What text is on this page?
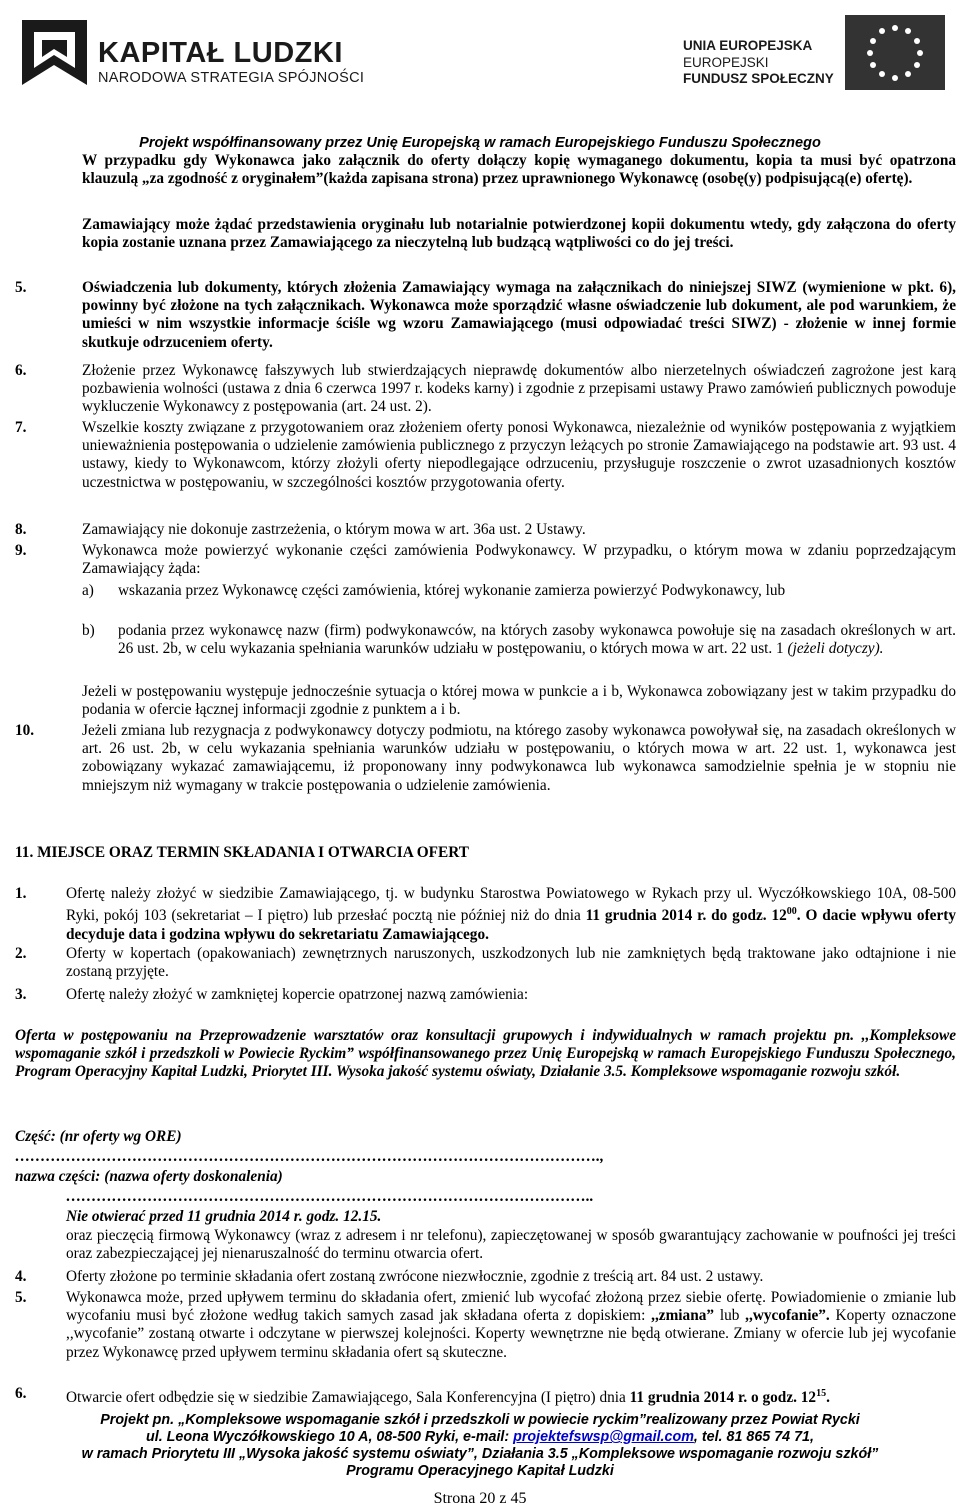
KAPITAŁ LUDZKI
NARODOWA STRATEGIA SPÓJNOŚCI
UNIA EUROPEJSKA
EUROPEJSKI
FUNDUSZ SPOŁECZNY
Projekt współfinansowany przez Unię Europejską w ramach Europejskiego Funduszu Społecznego
W przypadku gdy Wykonawca jako załącznik do oferty dołączy kopię wymaganego dokumentu, kopia ta musi być opatrzona klauzulą „za zgodność z oryginałem”(każda zapisana strona) przez uprawnionego Wykonawcę (osobę(y) podpisującą(e) ofertę).
Zamawiający może żądać przedstawienia oryginału lub notarialnie potwierdzonej kopii dokumentu wtedy, gdy załączona do oferty kopia zostanie uznana przez Zamawiającego za nieczytelną lub budzącą wątpliwości co do jej treści.
5.	Oświadczenia lub dokumenty, których złożenia Zamawiający wymaga na załącznikach do niniejszej SIWZ (wymienione w pkt. 6), powinny być złożone na tych załącznikach. Wykonawca może sporządzić własne oświadczenie lub dokument, ale pod warunkiem, że umieści w nim wszystkie informacje ściśle wg wzoru Zamawiającego (musi odpowiadać treści SIWZ) - złożenie w innej formie skutkuje odrzuceniem oferty.
6.	Złożenie przez Wykonawcę fałszywych lub stwierdzających nieprawdę dokumentów albo nierzetelnych oświadczeń zagrożone jest karą pozbawienia wolności (ustawa z dnia 6 czerwca 1997 r. kodeks karny) i zgodnie z przepisami ustawy Prawo zamówień publicznych powoduje wykluczenie Wykonawcy z postępowania (art. 24 ust. 2).
7.	Wszelkie koszty związane z przygotowaniem oraz złożeniem oferty ponosi Wykonawca, niezależnie od wyników postępowania z wyjątkiem unieważnienia postępowania o udzielenie zamówienia publicznego z przyczyn leżących po stronie Zamawiającego na podstawie art. 93 ust. 4 ustawy, kiedy to Wykonawcom, którzy złożyli oferty niepodlegające odrzuceniu, przysługuje roszczenie o zwrot uzasadnionych kosztów uczestnictwa w postępowaniu, w szczególności kosztów przygotowania oferty.
8.	Zamawiający nie dokonuje zastrzeżenia, o którym mowa w art. 36a ust. 2 Ustawy.
9.	Wykonawca może powierzyć wykonanie części zamówienia Podwykonawcy. W przypadku, o którym mowa w zdaniu poprzedzającym Zamawiający żąda:
a) wskazania przez Wykonawcę części zamówienia, której wykonanie zamierza powierzyć Podwykonawcy, lub
b) podania przez wykonawcę nazw (firm) podwykonawców, na których zasoby wykonawca powołuje się na zasadach określonych w art. 26 ust. 2b, w celu wykazania spełniania warunków udziału w postępowaniu, o których mowa w art. 22 ust. 1 (jeżeli dotyczy).
Jeżeli w postępowaniu występuje jednocześnie sytuacja o której mowa w punkcie a i b, Wykonawca zobowiązany jest w takim przypadku do podania w ofercie łącznej informacji zgodnie z punktem a i b.
10.	Jeżeli zmiana lub rezygnacja z podwykonawcy dotyczy podmiotu, na którego zasoby wykonawca powoływał się, na zasadach określonych w art. 26 ust. 2b, w celu wykazania spełniania warunków udziału w postępowaniu, o których mowa w art. 22 ust. 1, wykonawca jest zobowiązany wykazać zamawiającemu, iż proponowany inny podwykonawca lub wykonawca samodzielnie spełnia je w stopniu nie mniejszym niż wymagany w trakcie postępowania o udzielenie zamówienia.
11. MIEJSCE ORAZ TERMIN SKŁADANIA I OTWARCIA OFERT
1.	Ofertę należy złożyć w siedzibie Zamawiającego, tj. w budynku Starostwa Powiatowego w Rykach przy ul. Wyczółkowskiego 10A, 08-500 Ryki, pokój 103 (sekretariat – I piętro) lub przesłać pocztą nie później niż do dnia 11 grudnia 2014 r. do godz. $12^{00}$. O dacie wpływu oferty decyduje data i godzina wpływu do sekretariatu Zamawiającego.
2.	Oferty w kopertach (opakowaniach) zewnętrznych naruszonych, uszkodzonych lub nie zamkniętych będą traktowane jako odtajnione i nie zostaną przyjęte.
3.	Ofertę należy złożyć w zamkniętej kopercie opatrzonej nazwą zamówienia:
Oferta w postępowaniu na Przeprowadzenie warsztatów oraz konsultacji grupowych i indywidualnych w ramach projektu pn. ,,Kompleksowe wspomaganie szkół i przedszkoli w Powiecie Ryckim” współfinansowanego przez Unię Europejską w ramach Europejskiego Funduszu Społecznego, Program Operacyjny Kapitał Ludzki, Priorytet III. Wysoka jakość systemu oświaty, Działanie 3.5. Kompleksowe wspomaganie rozwoju szkół.
Część: (nr oferty wg ORE)
…………………………………………………………………………………………………….,
nazwa części: (nazwa oferty doskonalenia)
…………………………………………………………………………………………..
Nie otwierać przed 11 grudnia 2014 r. godz. 12.15.
oraz pieczęcią firmową Wykonawcy (wraz z adresem i nr telefonu), zapieczętowanej w sposób gwarantujący zachowanie w poufności jej treści oraz zabezpieczającej jej nienaruszalność do terminu otwarcia ofert.
4.	Oferty złożone po terminie składania ofert zostaną zwrócone niezwłocznie, zgodnie z treścią art. 84 ust. 2 ustawy.
5.	Wykonawca może, przed upływem terminu do składania ofert, zmienić lub wycofać złożoną przez siebie ofertę. Powiadomienie o zmianie lub wycofaniu musi być złożone według takich samych zasad jak składana oferta z dopiskiem: ,,zmiana” lub ,,wycofanie”. Koperty oznaczone ,,wycofanie” zostaną otwarte i odczytane w pierwszej kolejności. Koperty wewnętrzne nie będą otwierane. Zmiany w ofercie lub jej wycofanie przez Wykonawcę przed upływem terminu składania ofert są skuteczne.
6.	Otwarcie ofert odbędzie się w siedzibie Zamawiającego, Sala Konferencyjna (I piętro) dnia 11 grudnia 2014 r. o godz. $12^{15}$.
Projekt pn. „Kompleksowe wspomaganie szkół i przedszkoli w powiecie ryckim”realizowany przez Powiat Rycki
ul. Leona Wyczółkowskiego 10 A, 08-500 Ryki, e-mail: projektefswsp@gmail.com, tel. 81 865 74 71,
w ramach Priorytetu III „Wysoka jakość systemu oświaty”, Działania 3.5 „Kompleksowe wspomaganie rozwoju szkół”
Programu Operacyjnego Kapitał Ludzki
Strona 20 z 45
